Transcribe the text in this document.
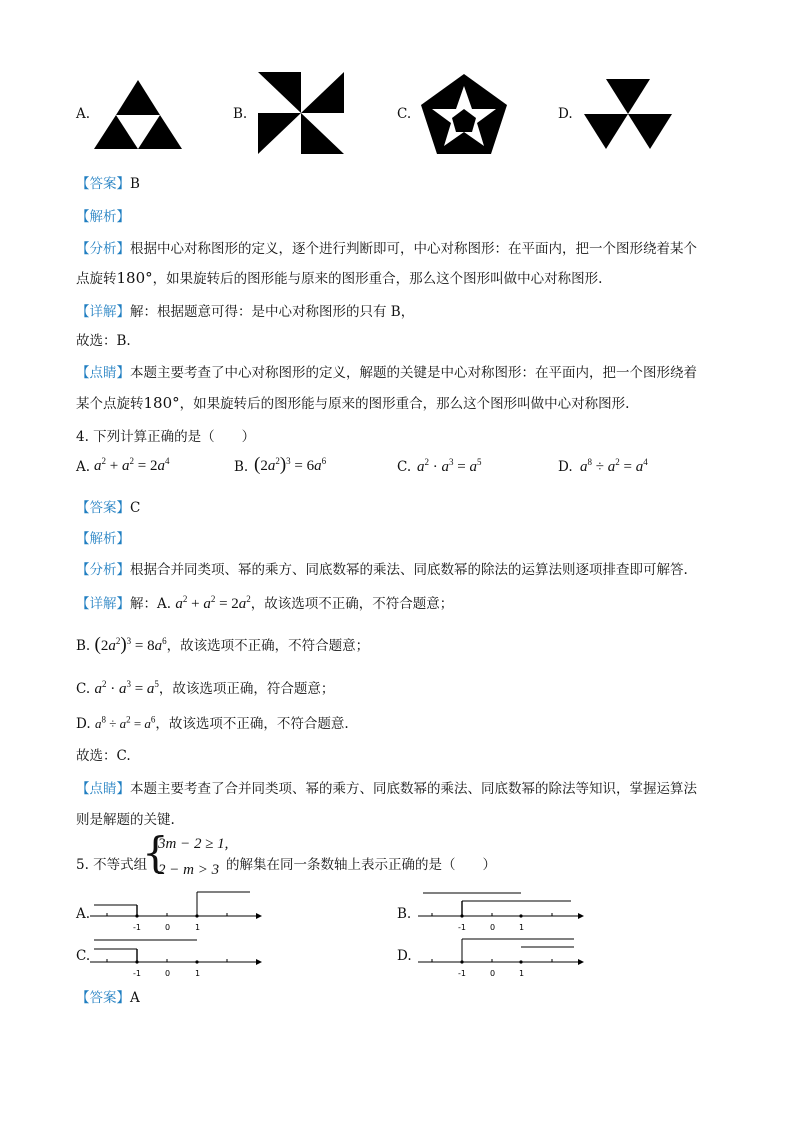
A.	B.	C.	D.
【答案】B
【解析】
【分析】根据中心对称图形的定义，逐个进行判断即可，中心对称图形：在平面内，把一个图形绕着某个
点旋转180°，如果旋转后的图形能与原来的图形重合，那么这个图形叫做中心对称图形.
【详解】解：根据题意可得：是中心对称图形的只有 B，
故选：B.
【点睛】本题主要考查了中心对称图形的定义，解题的关键是中心对称图形：在平面内，把一个图形绕着
某个点旋转180°，如果旋转后的图形能与原来的图形重合，那么这个图形叫做中心对称图形.
4. 下列计算正确的是（　　）
A. $a^2 + a^2 = 2a^4$	B. $(2a^2)^3 = 6a^6$	C. $a^2 \cdot a^3 = a^5$	D. $a^8 \div a^2 = a^4$
【答案】C
【解析】
【分析】根据合并同类项、幂的乘方、同底数幂的乘法、同底数幂的除法的运算法则逐项排查即可解答.
【详解】解：A. $a^2 + a^2 = 2a^2$，故该选项不正确，不符合题意；
B. $(2a^2)^3 = 8a^6$，故该选项不正确，不符合题意；
C. $a^2 \cdot a^3 = a^5$，故该选项正确，符合题意；
D. $a^8 \div a^2 = a^6$，故该选项不正确，不符合题意.
故选：C.
【点睛】本题主要考查了合并同类项、幂的乘方、同底数幂的乘法、同底数幂的除法等知识，掌握运算法
则是解题的关键.
5. 不等式组
{
3m − 2 ≥ 1,
2 − m > 3 的解集在同一条数轴上表示正确的是（　　）
A.
-1	0	1
B.
-1	0	1
C.
-1	0	1
D.
-1	0	1
【答案】A
